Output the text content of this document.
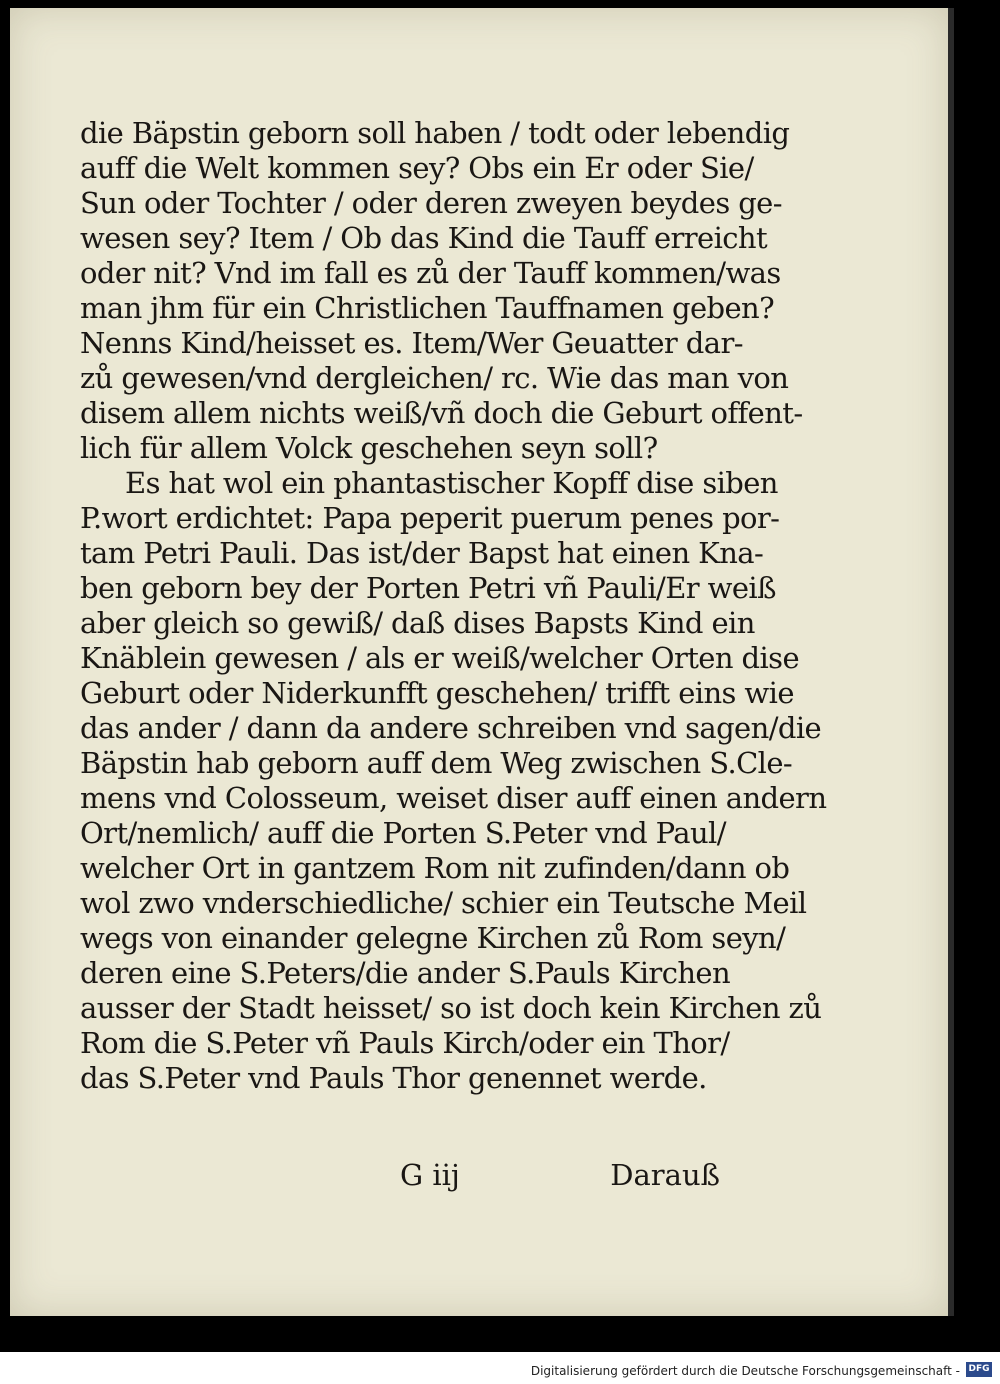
die Bäpstin geborn soll haben / todt oder lebendig
auff die Welt kommen sey? Obs ein Er oder Sie/
Sun oder Tochter / oder deren zweyen beydes ge-
wesen sey? Item / Ob das Kind die Tauff erreicht
oder nit? Vnd im fall es zů der Tauff kommen/was
man jhm für ein Christlichen Tauffnamen geben?
Nenns Kind/heisset es. Item/Wer Geuatter dar-
zů gewesen/vnd dergleichen/ rc. Wie das man von
disem allem nichts weiß/vñ doch die Geburt offent-
lich für allem Volck geschehen seyn soll?
Es hat wol ein phantastischer Kopff dise siben
P.wort erdichtet: Papa peperit puerum penes por-
tam Petri Pauli. Das ist/der Bapst hat einen Kna-
ben geborn bey der Porten Petri vñ Pauli/Er weiß
aber gleich so gewiß/ daß dises Bapsts Kind ein
Knäblein gewesen / als er weiß/welcher Orten dise
Geburt oder Niderkunfft geschehen/ trifft eins wie
das ander / dann da andere schreiben vnd sagen/die
Bäpstin hab geborn auff dem Weg zwischen S.Cle-
mens vnd Colosseum, weiset diser auff einen andern
Ort/nemlich/ auff die Porten S.Peter vnd Paul/
welcher Ort in gantzem Rom nit zufinden/dann ob
wol zwo vnderschiedliche/ schier ein Teutsche Meil
wegs von einander gelegne Kirchen zů Rom seyn/
deren eine S.Peters/die ander S.Pauls Kirchen
ausser der Stadt heisset/ so ist doch kein Kirchen zů
Rom die S.Peter vñ Pauls Kirch/oder ein Thor/
das S.Peter vnd Pauls Thor genennet werde.
G iij	Darauß
Digitalisierung gefördert durch die Deutsche Forschungsgemeinschaft - DFG
